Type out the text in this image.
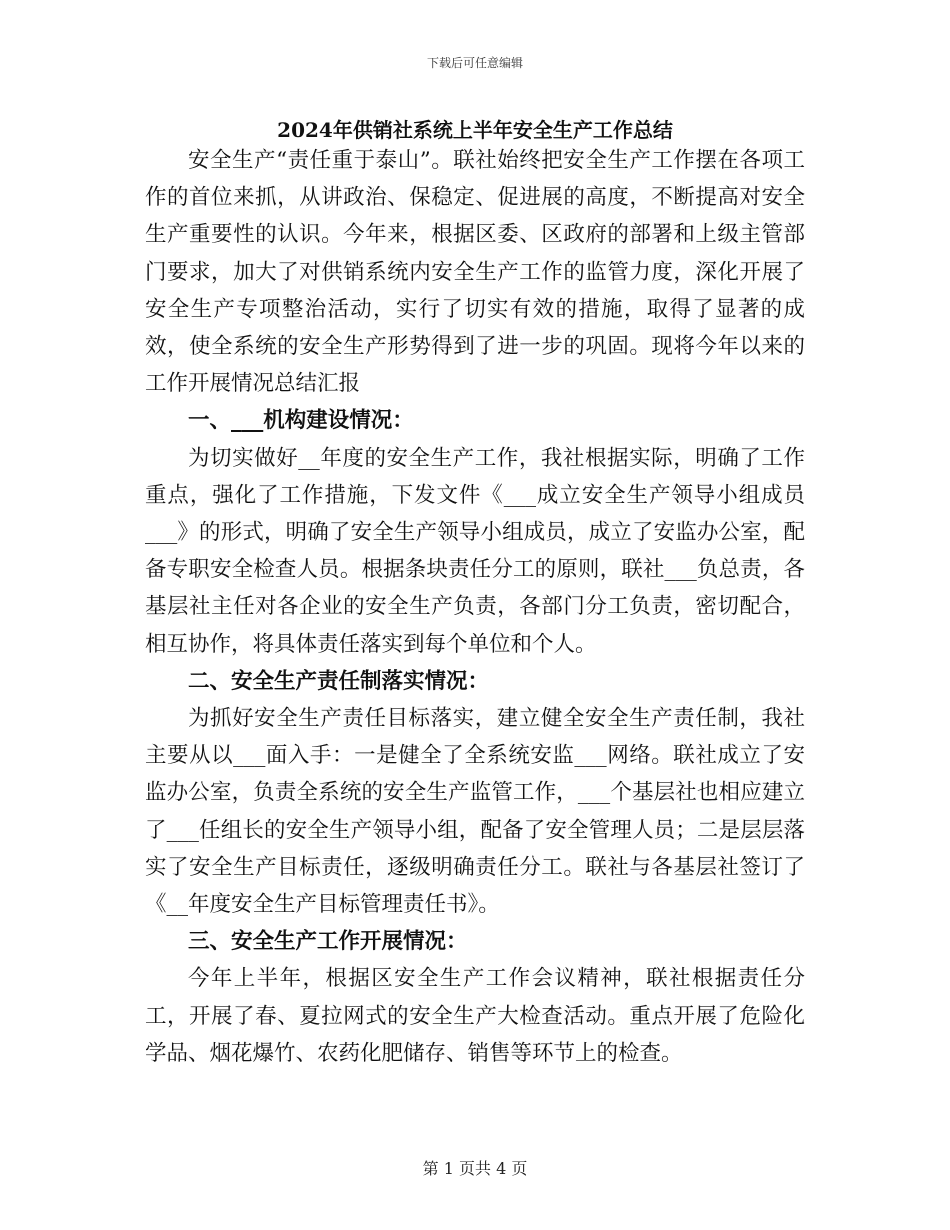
下载后可任意编辑
2024年供销社系统上半年安全生产工作总结

安全生产“责任重于泰山”。联社始终把安全生产工作摆在各项工作的首位来抓，从讲政治、保稳定、促进展的高度，不断提高对安全生产重要性的认识。今年来，根据区委、区政府的部署和上级主管部门要求，加大了对供销系统内安全生产工作的监管力度，深化开展了安全生产专项整治活动，实行了切实有效的措施，取得了显著的成效，使全系统的安全生产形势得到了进一步的巩固。现将今年以来的工作开展情况总结汇报

一、___机构建设情况：

为切实做好__年度的安全生产工作，我社根据实际，明确了工作重点，强化了工作措施，下发文件《___成立安全生产领导小组成员___》的形式，明确了安全生产领导小组成员，成立了安监办公室，配备专职安全检查人员。根据条块责任分工的原则，联社___负总责，各基层社主任对各企业的安全生产负责，各部门分工负责，密切配合，相互协作，将具体责任落实到每个单位和个人。

二、安全生产责任制落实情况：

为抓好安全生产责任目标落实，建立健全安全生产责任制，我社主要从以___面入手：一是健全了全系统安监___网络。联社成立了安监办公室，负责全系统的安全生产监管工作，___个基层社也相应建立了___任组长的安全生产领导小组，配备了安全管理人员；二是层层落实了安全生产目标责任，逐级明确责任分工。联社与各基层社签订了《__年度安全生产目标管理责任书》。

三、安全生产工作开展情况：

今年上半年，根据区安全生产工作会议精神，联社根据责任分工，开展了春、夏拉网式的安全生产大检查活动。重点开展了危险化学品、烟花爆竹、农药化肥储存、销售等环节上的检查。

第 1 页共 4 页
